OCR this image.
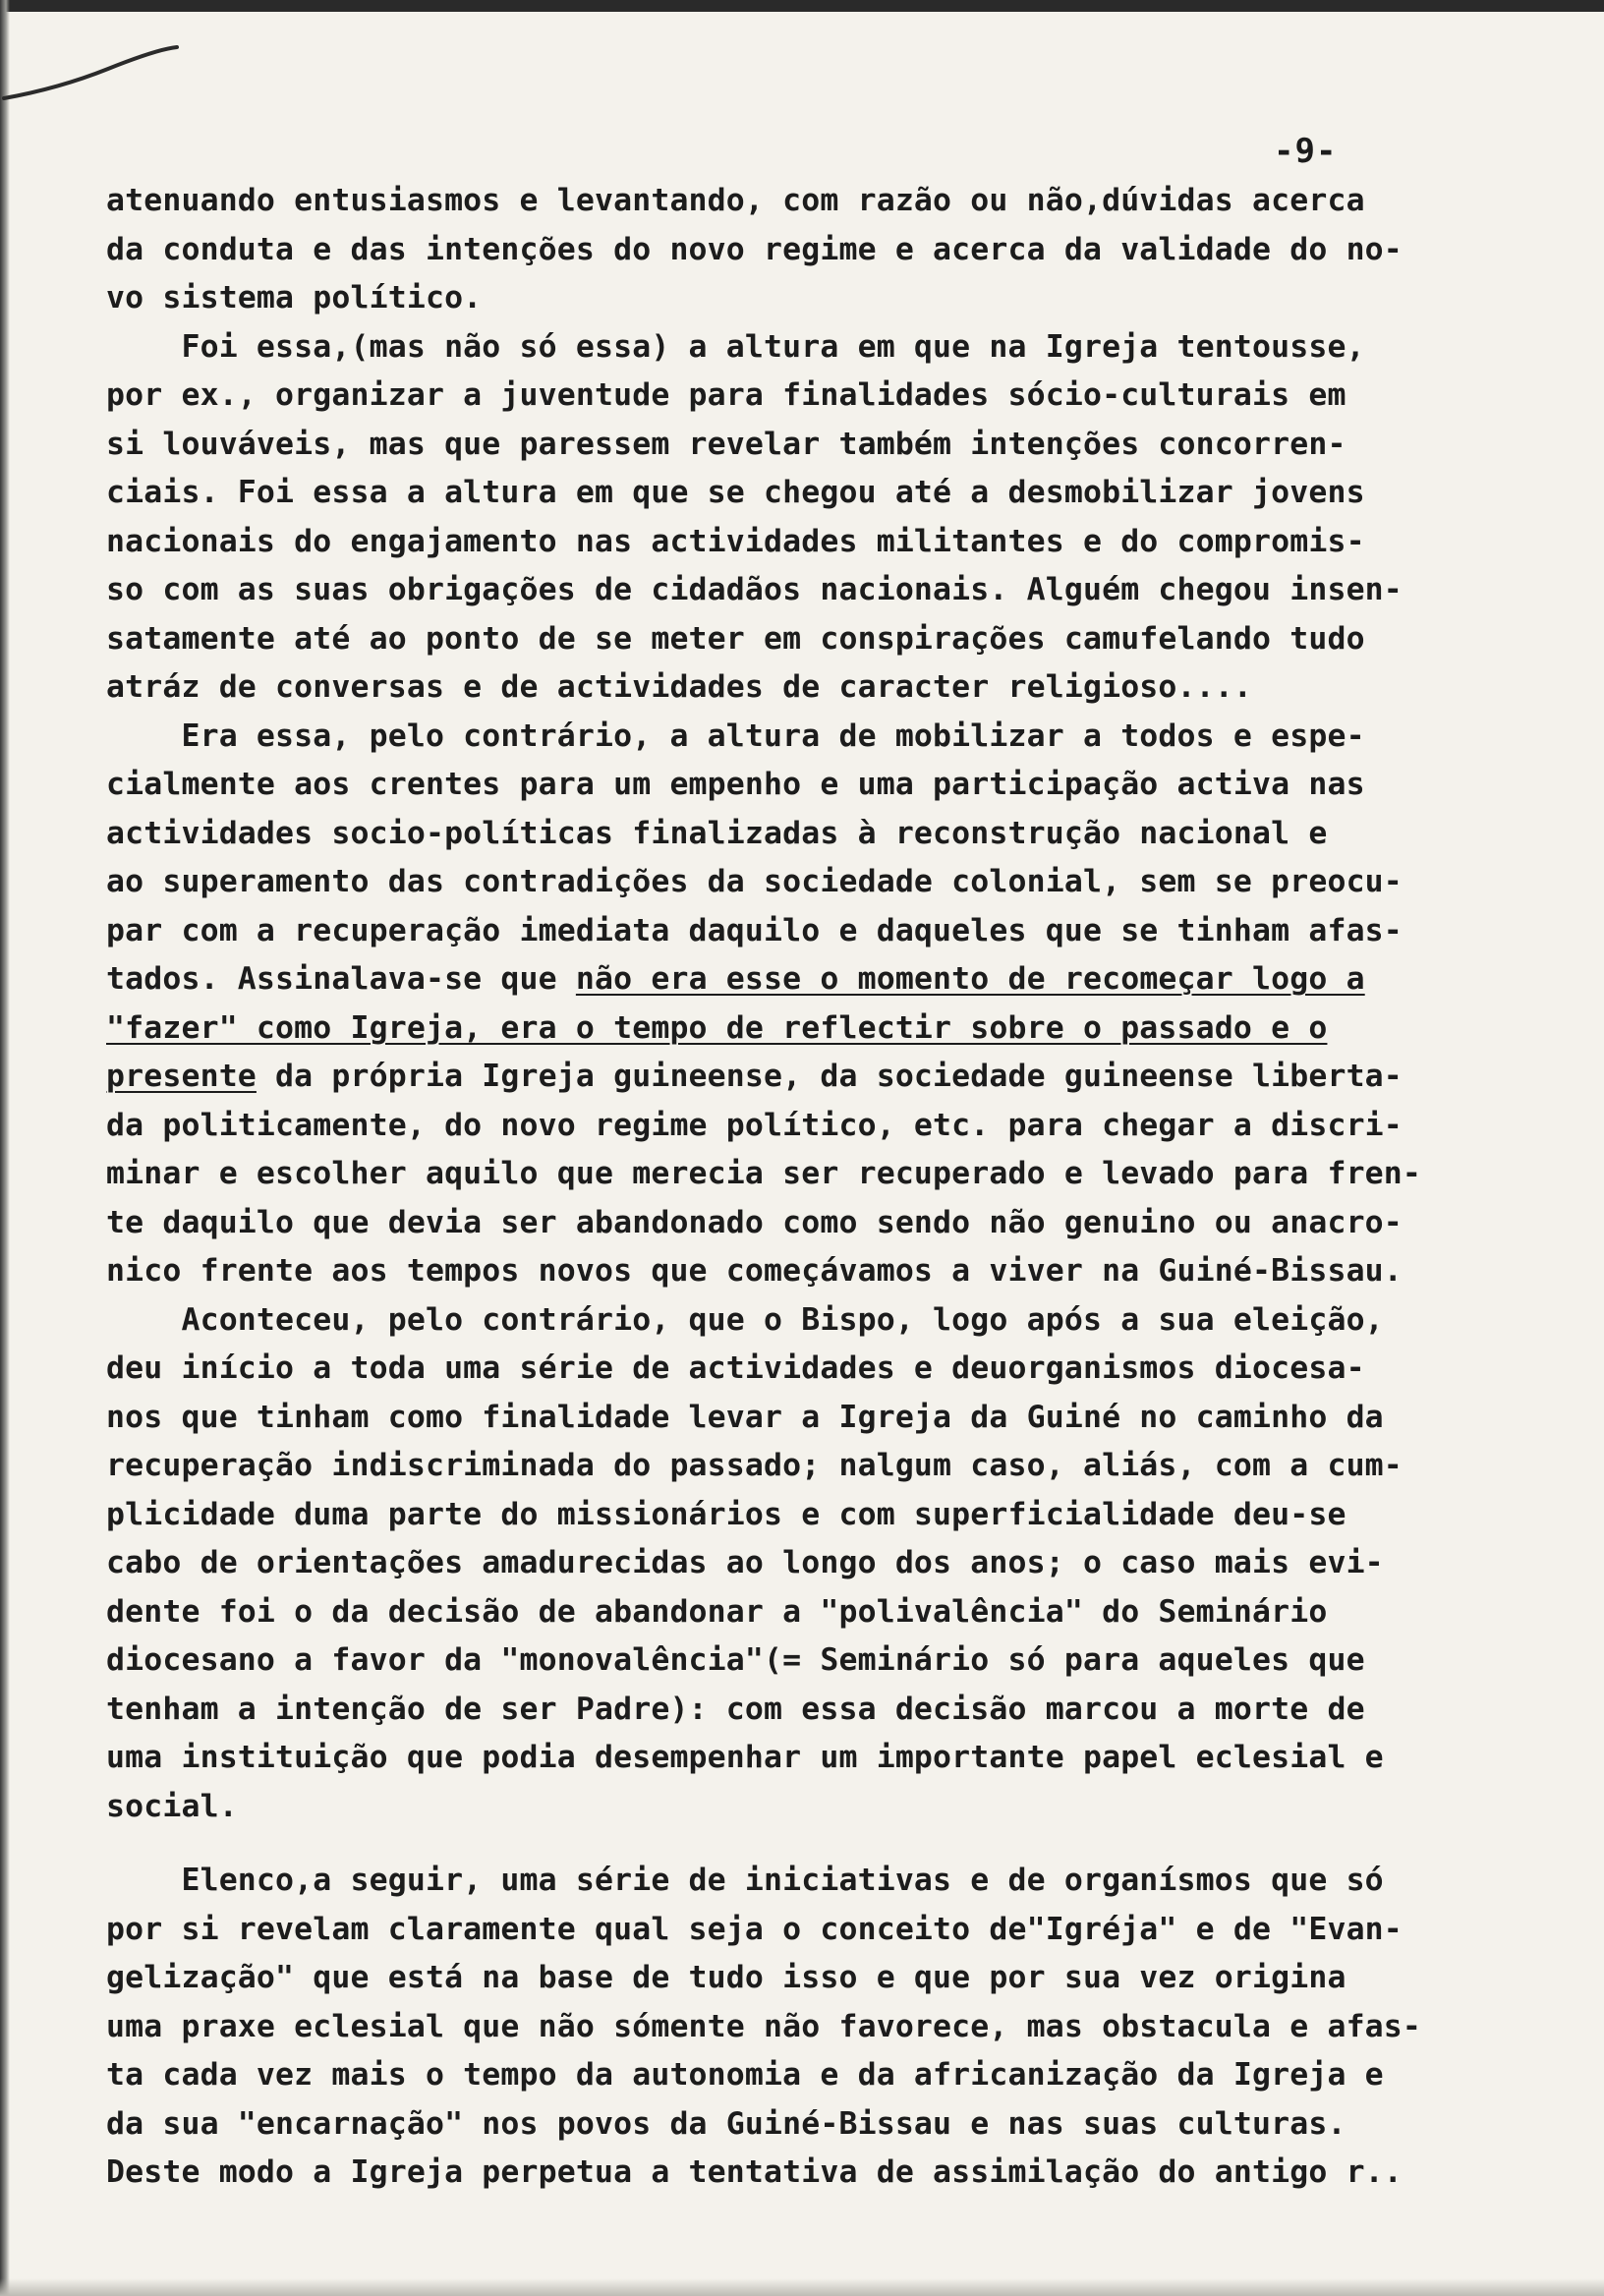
-9-
atenuando entusiasmos e levantando, com razão ou não,dúvidas acerca
da conduta e das intenções do novo regime e acerca da validade do no-
vo sistema político.
Foi essa,(mas não só essa) a altura em que na Igreja tentousse,
por ex., organizar a juventude para finalidades sócio-culturais em
si louváveis, mas que paressem revelar também intenções concorren-
ciais. Foi essa a altura em que se chegou até a desmobilizar jovens
nacionais do engajamento nas actividades militantes e do compromis-
so com as suas obrigações de cidadãos nacionais. Alguém chegou insen-
satamente até ao ponto de se meter em conspirações camufelando tudo
atráz de conversas e de actividades de caracter religioso....
Era essa, pelo contrário, a altura de mobilizar a todos e espe-
cialmente aos crentes para um empenho e uma participação activa nas
actividades socio-políticas finalizadas à reconstrução nacional e
ao superamento das contradições da sociedade colonial, sem se preocu-
par com a recuperação imediata daquilo e daqueles que se tinham afas-
tados. Assinalava-se que não era esse o momento de recomeçar logo a
"fazer" como Igreja, era o tempo de reflectir sobre o passado e o
presente da própria Igreja guineense, da sociedade guineense liberta-
da politicamente, do novo regime político, etc. para chegar a discri-
minar e escolher aquilo que merecia ser recuperado e levado para fren-
te daquilo que devia ser abandonado como sendo não genuino ou anacro-
nico frente aos tempos novos que começávamos a viver na Guiné-Bissau.
Aconteceu, pelo contrário, que o Bispo, logo após a sua eleição,
deu início a toda uma série de actividades e deuorganismos diocesa-
nos que tinham como finalidade levar a Igreja da Guiné no caminho da
recuperação indiscriminada do passado; nalgum caso, aliás, com a cum-
plicidade duma parte do missionários e com superficialidade deu-se
cabo de orientações amadurecidas ao longo dos anos; o caso mais evi-
dente foi o da decisão de abandonar a "polivalência" do Seminário
diocesano a favor da "monovalência"(= Seminário só para aqueles que
tenham a intenção de ser Padre): com essa decisão marcou a morte de
uma instituição que podia desempenhar um importante papel eclesial e
social.
Elenco,a seguir, uma série de iniciativas e de organísmos que só
por si revelam claramente qual seja o conceito de"Igréja" e de "Evan-
gelização" que está na base de tudo isso e que por sua vez origina
uma praxe eclesial que não sómente não favorece, mas obstacula e afas-
ta cada vez mais o tempo da autonomia e da africanização da Igreja e
da sua "encarnação" nos povos da Guiné-Bissau e nas suas culturas.
Deste modo a Igreja perpetua a tentativa de assimilação do antigo r..
